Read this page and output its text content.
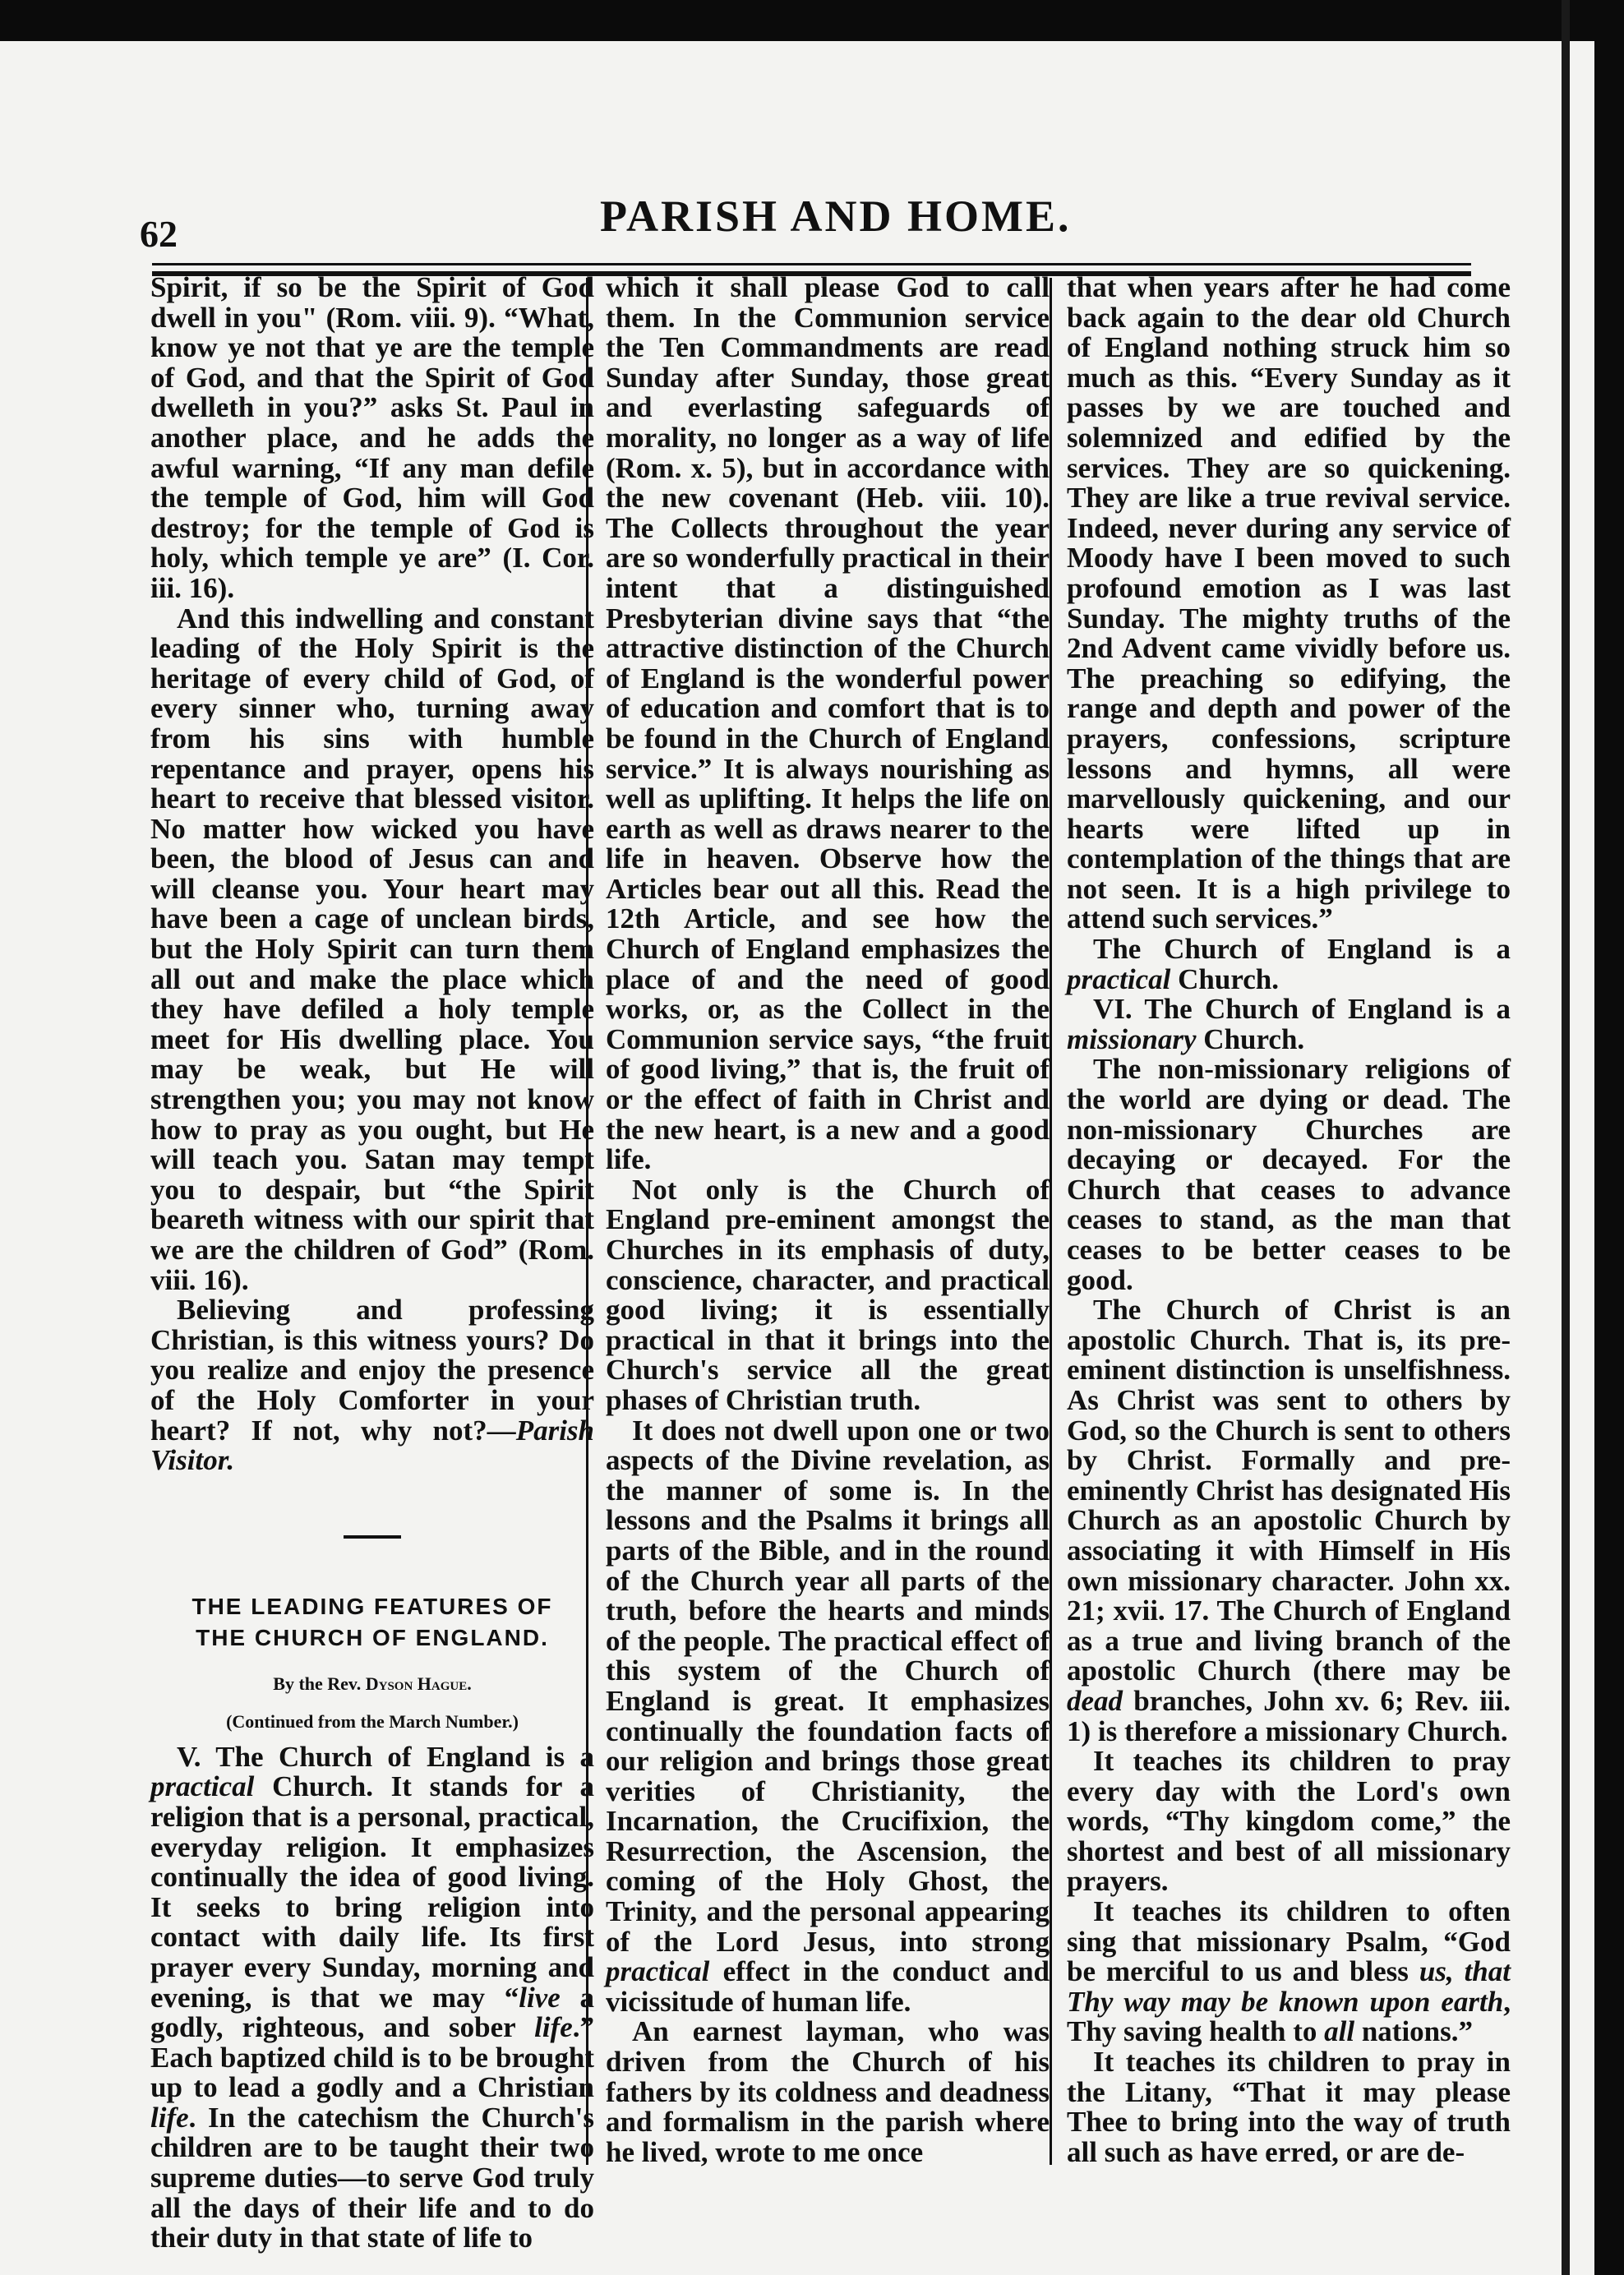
62	PARISH AND HOME.

Spirit, if so be the Spirit of God dwell in you" (Rom. viii. 9). “What, know ye not that ye are the temple of God, and that the Spirit of God dwelleth in you?” asks St. Paul in another place, and he adds the awful warning, “If any man defile the temple of God, him will God destroy; for the temple of God is holy, which temple ye are” (I. Cor. iii. 16).

And this indwelling and constant leading of the Holy Spirit is the heritage of every child of God, of every sinner who, turning away from his sins with humble repentance and prayer, opens his heart to receive that blessed visitor. No matter how wicked you have been, the blood of Jesus can and will cleanse you. Your heart may have been a cage of unclean birds, but the Holy Spirit can turn them all out and make the place which they have defiled a holy temple meet for His dwelling place. You may be weak, but He will strengthen you; you may not know how to pray as you ought, but He will teach you. Satan may tempt you to despair, but “the Spirit beareth witness with our spirit that we are the children of God” (Rom. viii. 16).

Believing and professing Christian, is this witness yours? Do you realize and enjoy the presence of the Holy Comforter in your heart? If not, why not?—Parish Visitor.

THE LEADING FEATURES OF
THE CHURCH OF ENGLAND.
By the Rev. Dyson Hague.
(Continued from the March Number.)

V. The Church of England is a practical Church. It stands for a religion that is a personal, practical, everyday religion. It emphasizes continually the idea of good living. It seeks to bring religion into contact with daily life. Its first prayer every Sunday, morning and evening, is that we may “live a godly, righteous, and sober life.” Each baptized child is to be brought up to lead a godly and a Christian life. In the catechism the Church's children are to be taught their two supreme duties—to serve God truly all the days of their life and to do their duty in that state of life to

which it shall please God to call them. In the Communion service the Ten Commandments are read Sunday after Sunday, those great and everlasting safeguards of morality, no longer as a way of life (Rom. x. 5), but in accordance with the new covenant (Heb. viii. 10). The Collects throughout the year are so wonderfully practical in their intent that a distinguished Presbyterian divine says that “the attractive distinction of the Church of England is the wonderful power of education and comfort that is to be found in the Church of England service.” It is always nourishing as well as uplifting. It helps the life on earth as well as draws nearer to the life in heaven. Observe how the Articles bear out all this. Read the 12th Article, and see how the Church of England emphasizes the place of and the need of good works, or, as the Collect in the Communion service says, “the fruit of good living,” that is, the fruit of or the effect of faith in Christ and the new heart, is a new and a good life.

Not only is the Church of England pre-eminent amongst the Churches in its emphasis of duty, conscience, character, and practical good living; it is essentially practical in that it brings into the Church's service all the great phases of Christian truth.

It does not dwell upon one or two aspects of the Divine revelation, as the manner of some is. In the lessons and the Psalms it brings all parts of the Bible, and in the round of the Church year all parts of the truth, before the hearts and minds of the people. The practical effect of this system of the Church of England is great. It emphasizes continually the foundation facts of our religion and brings those great verities of Christianity, the Incarnation, the Crucifixion, the Resurrection, the Ascension, the coming of the Holy Ghost, the Trinity, and the personal appearing of the Lord Jesus, into strong practical effect in the conduct and vicissitude of human life.

An earnest layman, who was driven from the Church of his fathers by its coldness and deadness and formalism in the parish where he lived, wrote to me once

that when years after he had come back again to the dear old Church of England nothing struck him so much as this. “Every Sunday as it passes by we are touched and solemnized and edified by the services. They are so quickening. They are like a true revival service. Indeed, never during any service of Moody have I been moved to such profound emotion as I was last Sunday. The mighty truths of the 2nd Advent came vividly before us. The preaching so edifying, the range and depth and power of the prayers, confessions, scripture lessons and hymns, all were marvellously quickening, and our hearts were lifted up in contemplation of the things that are not seen. It is a high privilege to attend such services.”

The Church of England is a practical Church.

VI. The Church of England is a missionary Church.

The non-missionary religions of the world are dying or dead. The non-missionary Churches are decaying or decayed. For the Church that ceases to advance ceases to stand, as the man that ceases to be better ceases to be good.

The Church of Christ is an apostolic Church. That is, its pre-eminent distinction is unselfishness. As Christ was sent to others by God, so the Church is sent to others by Christ. Formally and pre-eminently Christ has designated His Church as an apostolic Church by associating it with Himself in His own missionary character. John xx. 21; xvii. 17. The Church of England as a true and living branch of the apostolic Church (there may be dead branches, John xv. 6; Rev. iii. 1) is therefore a missionary Church.

It teaches its children to pray every day with the Lord's own words, “Thy kingdom come,” the shortest and best of all missionary prayers.

It teaches its children to often sing that missionary Psalm, “God be merciful to us and bless us, that Thy way may be known upon earth, Thy saving health to all nations.”

It teaches its children to pray in the Litany, “That it may please Thee to bring into the way of truth all such as have erred, or are de-
